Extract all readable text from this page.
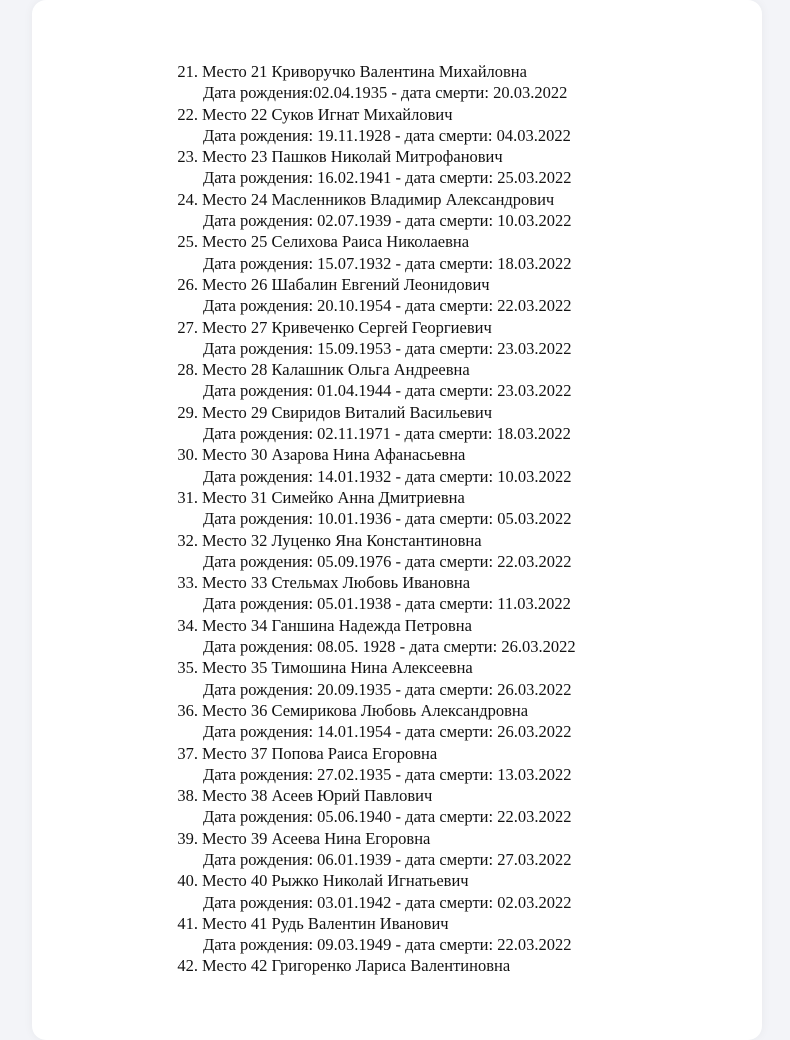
21. Место 21 Криворучко Валентина Михайловна
Дата рождения:02.04.1935 - дата смерти: 20.03.2022
22. Место 22 Суков Игнат Михайлович
Дата рождения: 19.11.1928 - дата смерти: 04.03.2022
23. Место 23 Пашков Николай Митрофанович
Дата рождения: 16.02.1941 - дата смерти: 25.03.2022
24. Место 24 Масленников Владимир Александрович
Дата рождения: 02.07.1939 - дата смерти: 10.03.2022
25. Место 25 Селихова Раиса Николаевна
Дата рождения: 15.07.1932 - дата смерти: 18.03.2022
26. Место 26 Шабалин Евгений Леонидович
Дата рождения: 20.10.1954 - дата смерти: 22.03.2022
27. Место 27 Кривеченко Сергей Георгиевич
Дата рождения: 15.09.1953 - дата смерти: 23.03.2022
28. Место 28 Калашник Ольга Андреевна
Дата рождения: 01.04.1944 - дата смерти: 23.03.2022
29. Место 29 Свиридов Виталий Васильевич
Дата рождения: 02.11.1971 - дата смерти: 18.03.2022
30. Место 30 Азарова Нина Афанасьевна
Дата рождения: 14.01.1932 - дата смерти: 10.03.2022
31. Место 31 Симейко Анна Дмитриевна
Дата рождения: 10.01.1936 - дата смерти: 05.03.2022
32. Место 32 Луценко Яна Константиновна
Дата рождения: 05.09.1976 - дата смерти: 22.03.2022
33. Место 33 Стельмах Любовь Ивановна
Дата рождения: 05.01.1938 - дата смерти: 11.03.2022
34. Место 34 Ганшина Надежда Петровна
Дата рождения: 08.05. 1928 - дата смерти: 26.03.2022
35. Место 35 Тимошина Нина Алексеевна
Дата рождения: 20.09.1935 - дата смерти: 26.03.2022
36. Место 36 Семирикова Любовь Александровна
Дата рождения: 14.01.1954 - дата смерти: 26.03.2022
37. Место 37 Попова Раиса Егоровна
Дата рождения: 27.02.1935 - дата смерти: 13.03.2022
38. Место 38 Асеев Юрий Павлович
Дата рождения: 05.06.1940 - дата смерти: 22.03.2022
39. Место 39 Асеева Нина Егоровна
Дата рождения: 06.01.1939 - дата смерти: 27.03.2022
40. Место 40 Рыжко Николай Игнатьевич
Дата рождения: 03.01.1942 - дата смерти: 02.03.2022
41. Место 41 Рудь Валентин Иванович
Дата рождения: 09.03.1949 - дата смерти: 22.03.2022
42. Место 42 Григоренко Лариса Валентиновна
